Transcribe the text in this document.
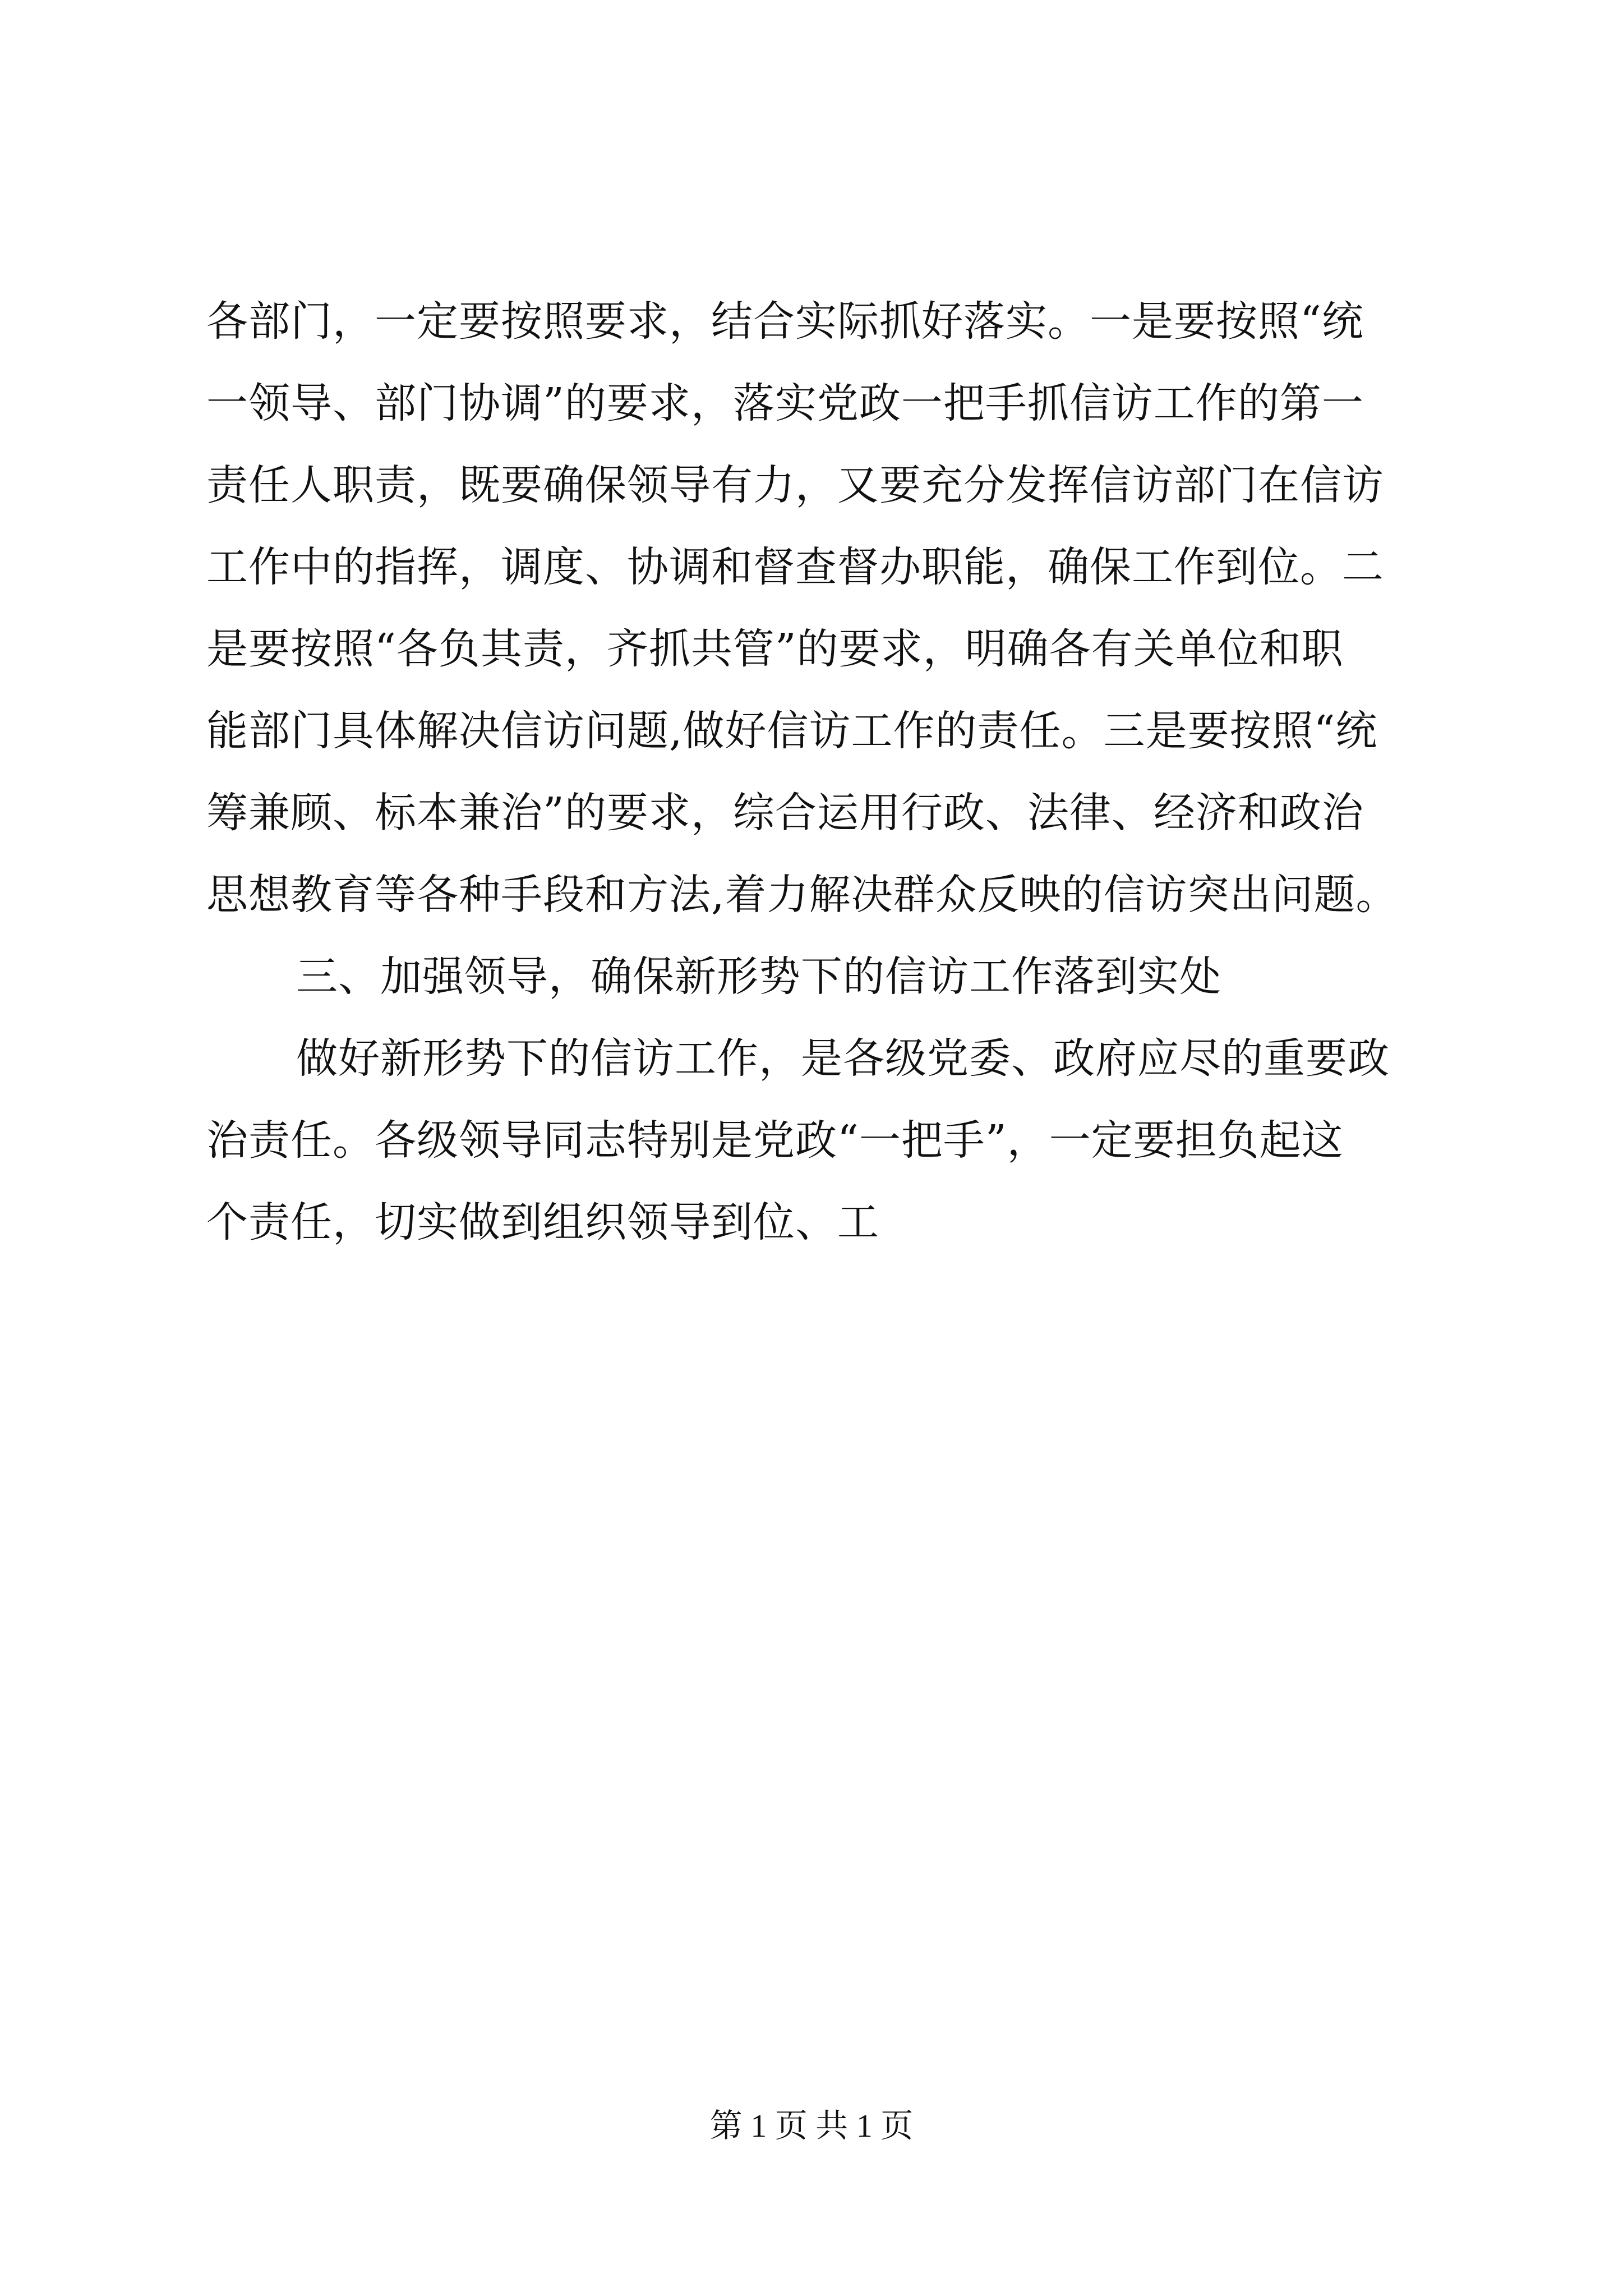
各部门，一定要按照要求，结合实际抓好落实。一是要按照“统
一领导、部门协调”的要求，落实党政一把手抓信访工作的第一
责任人职责，既要确保领导有力，又要充分发挥信访部门在信访
工作中的指挥，调度、协调和督查督办职能，确保工作到位。二
是要按照“各负其责，齐抓共管”的要求，明确各有关单位和职
能部门具体解决信访问题,做好信访工作的责任。三是要按照“统
筹兼顾、标本兼治”的要求，综合运用行政、法律、经济和政治
思想教育等各种手段和方法,着力解决群众反映的信访突出问题。
三、加强领导，确保新形势下的信访工作落到实处
做好新形势下的信访工作，是各级党委、政府应尽的重要政
治责任。各级领导同志特别是党政“一把手”，一定要担负起这
个责任，切实做到组织领导到位、工
第 1 页 共 1 页
